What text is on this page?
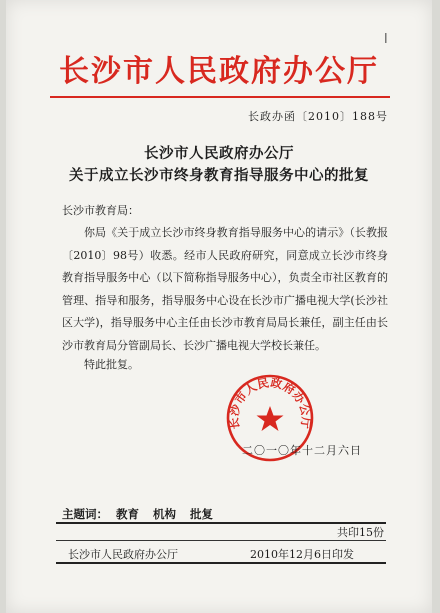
l
长沙市人民政府办公厅
长政办函〔2010〕188号
长沙市人民政府办公厅
关于成立长沙市终身教育指导服务中心的批复
长沙市教育局：

你局《关于成立长沙市终身教育指导服务中心的请示》（长教报〔2010〕98号）收悉。经市人民政府研究，同意成立长沙市终身教育指导服务中心（以下简称指导服务中心），负责全市社区教育的管理、指导和服务，指导服务中心设在长沙市广播电视大学(长沙社区大学)，指导服务中心主任由长沙市教育局局长兼任，副主任由长沙市教育局分管副局长、长沙广播电视大学校长兼任。

特此批复。
长沙市人民政府办公厅
二〇一〇年十二月六日
主题词： 教育 机构 批复
共印15份
长沙市人民政府办公厅	2010年12月6日印发
